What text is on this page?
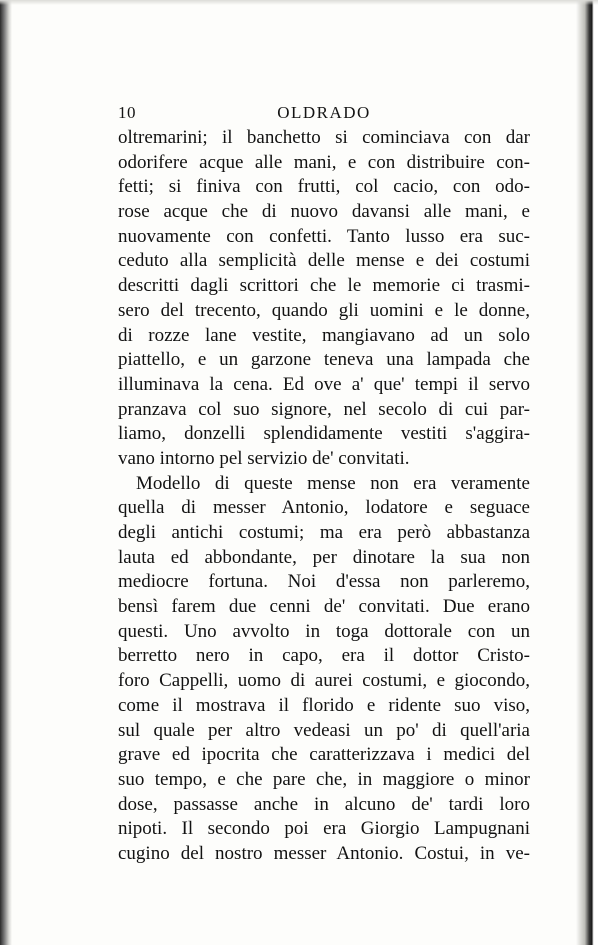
10	OLDRADO
oltremarini; il banchetto si cominciava con dar
odorifere acque alle mani, e con distribuire con-
fetti; si finiva con frutti, col cacio, con odo-
rose acque che di nuovo davansi alle mani, e
nuovamente con confetti. Tanto lusso era suc-
ceduto alla semplicità delle mense e dei costumi
descritti dagli scrittori che le memorie ci trasmi-
sero del trecento, quando gli uomini e le donne,
di rozze lane vestite, mangiavano ad un solo
piattello, e un garzone teneva una lampada che
illuminava la cena. Ed ove a' que' tempi il servo
pranzava col suo signore, nel secolo di cui par-
liamo, donzelli splendidamente vestiti s'aggira-
vano intorno pel servizio de' convitati.
Modello di queste mense non era veramente
quella di messer Antonio, lodatore e seguace
degli antichi costumi; ma era però abbastanza
lauta ed abbondante, per dinotare la sua non
mediocre fortuna. Noi d'essa non parleremo,
bensì farem due cenni de' convitati. Due erano
questi. Uno avvolto in toga dottorale con un
berretto nero in capo, era il dottor Cristo-
foro Cappelli, uomo di aurei costumi, e giocondo,
come il mostrava il florido e ridente suo viso,
sul quale per altro vedeasi un po' di quell'aria
grave ed ipocrita che caratterizzava i medici del
suo tempo, e che pare che, in maggiore o minor
dose, passasse anche in alcuno de' tardi loro
nipoti. Il secondo poi era Giorgio Lampugnani
cugino del nostro messer Antonio. Costui, in ve-
